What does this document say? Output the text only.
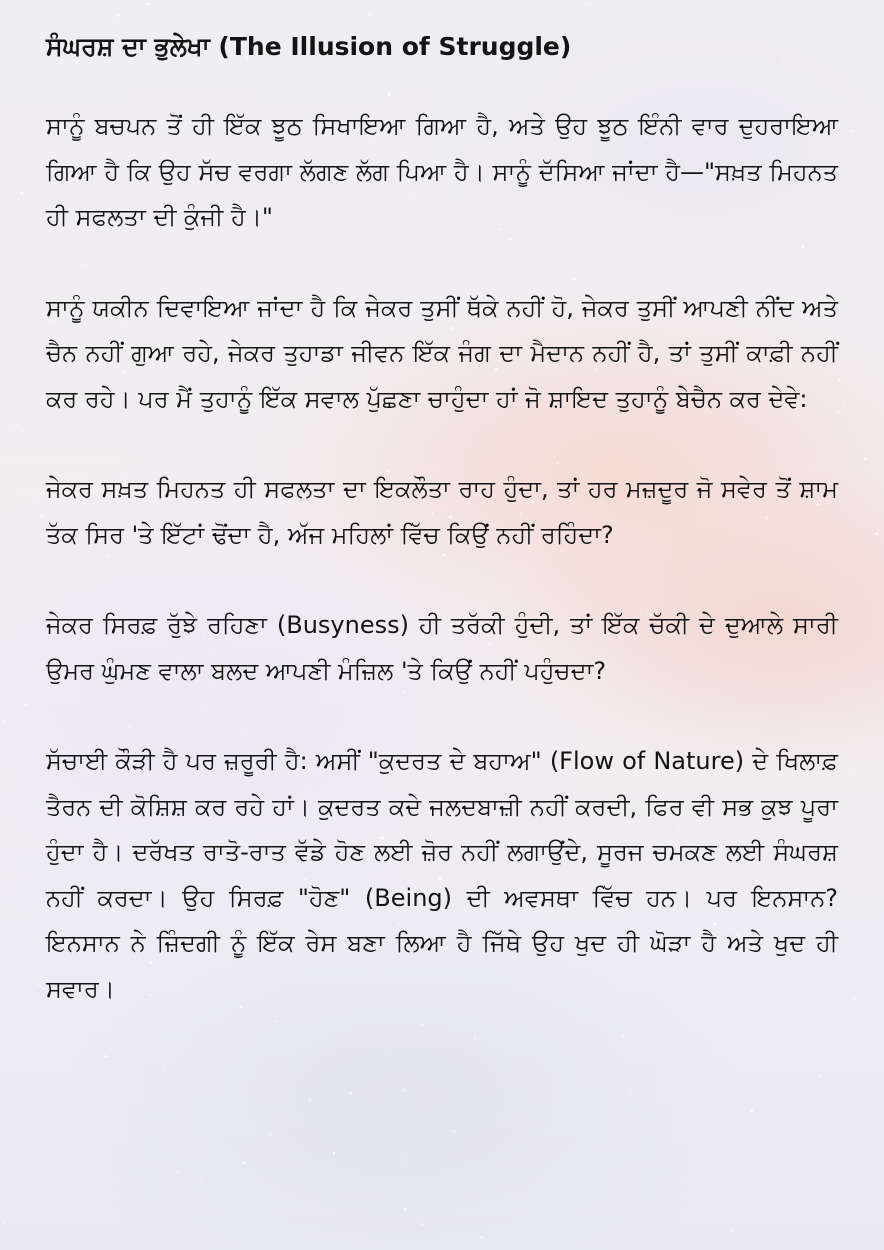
ਸੰਘਰਸ਼ ਦਾ ਭੁਲੇਖਾ (The Illusion of Struggle)

ਸਾਨੂੰ ਬਚਪਨ ਤੋਂ ਹੀ ਇੱਕ ਝੂਠ ਸਿਖਾਇਆ ਗਿਆ ਹੈ, ਅਤੇ ਉਹ ਝੂਠ ਇੰਨੀ ਵਾਰ ਦੁਹਰਾਇਆ ਗਿਆ ਹੈ ਕਿ ਉਹ ਸੱਚ ਵਰਗਾ ਲੱਗਣ ਲੱਗ ਪਿਆ ਹੈ। ਸਾਨੂੰ ਦੱਸਿਆ ਜਾਂਦਾ ਹੈ—"ਸਖ਼ਤ ਮਿਹਨਤ ਹੀ ਸਫਲਤਾ ਦੀ ਕੁੰਜੀ ਹੈ।"

ਸਾਨੂੰ ਯਕੀਨ ਦਿਵਾਇਆ ਜਾਂਦਾ ਹੈ ਕਿ ਜੇਕਰ ਤੁਸੀਂ ਥੱਕੇ ਨਹੀਂ ਹੋ, ਜੇਕਰ ਤੁਸੀਂ ਆਪਣੀ ਨੀਂਦ ਅਤੇ ਚੈਨ ਨਹੀਂ ਗੁਆ ਰਹੇ, ਜੇਕਰ ਤੁਹਾਡਾ ਜੀਵਨ ਇੱਕ ਜੰਗ ਦਾ ਮੈਦਾਨ ਨਹੀਂ ਹੈ, ਤਾਂ ਤੁਸੀਂ ਕਾਫ਼ੀ ਨਹੀਂ ਕਰ ਰਹੇ। ਪਰ ਮੈਂ ਤੁਹਾਨੂੰ ਇੱਕ ਸਵਾਲ ਪੁੱਛਣਾ ਚਾਹੁੰਦਾ ਹਾਂ ਜੋ ਸ਼ਾਇਦ ਤੁਹਾਨੂੰ ਬੇਚੈਨ ਕਰ ਦੇਵੇ:

ਜੇਕਰ ਸਖ਼ਤ ਮਿਹਨਤ ਹੀ ਸਫਲਤਾ ਦਾ ਇਕਲੌਤਾ ਰਾਹ ਹੁੰਦਾ, ਤਾਂ ਹਰ ਮਜ਼ਦੂਰ ਜੋ ਸਵੇਰ ਤੋਂ ਸ਼ਾਮ ਤੱਕ ਸਿਰ 'ਤੇ ਇੱਟਾਂ ਢੋਂਦਾ ਹੈ, ਅੱਜ ਮਹਿਲਾਂ ਵਿੱਚ ਕਿਉਂ ਨਹੀਂ ਰਹਿੰਦਾ?

ਜੇਕਰ ਸਿਰਫ਼ ਰੁੱਝੇ ਰਹਿਣਾ (Busyness) ਹੀ ਤਰੱਕੀ ਹੁੰਦੀ, ਤਾਂ ਇੱਕ ਚੱਕੀ ਦੇ ਦੁਆਲੇ ਸਾਰੀ ਉਮਰ ਘੁੰਮਣ ਵਾਲਾ ਬਲਦ ਆਪਣੀ ਮੰਜ਼ਿਲ 'ਤੇ ਕਿਉਂ ਨਹੀਂ ਪਹੁੰਚਦਾ?

ਸੱਚਾਈ ਕੌੜੀ ਹੈ ਪਰ ਜ਼ਰੂਰੀ ਹੈ: ਅਸੀਂ "ਕੁਦਰਤ ਦੇ ਬਹਾਅ" (Flow of Nature) ਦੇ ਖਿਲਾਫ਼ ਤੈਰਨ ਦੀ ਕੋਸ਼ਿਸ਼ ਕਰ ਰਹੇ ਹਾਂ। ਕੁਦਰਤ ਕਦੇ ਜਲਦਬਾਜ਼ੀ ਨਹੀਂ ਕਰਦੀ, ਫਿਰ ਵੀ ਸਭ ਕੁਝ ਪੂਰਾ ਹੁੰਦਾ ਹੈ। ਦਰੱਖਤ ਰਾਤੋ-ਰਾਤ ਵੱਡੇ ਹੋਣ ਲਈ ਜ਼ੋਰ ਨਹੀਂ ਲਗਾਉਂਦੇ, ਸੂਰਜ ਚਮਕਣ ਲਈ ਸੰਘਰਸ਼ ਨਹੀਂ ਕਰਦਾ। ਉਹ ਸਿਰਫ਼ "ਹੋਣ" (Being) ਦੀ ਅਵਸਥਾ ਵਿੱਚ ਹਨ। ਪਰ ਇਨਸਾਨ? ਇਨਸਾਨ ਨੇ ਜ਼ਿੰਦਗੀ ਨੂੰ ਇੱਕ ਰੇਸ ਬਣਾ ਲਿਆ ਹੈ ਜਿੱਥੇ ਉਹ ਖੁਦ ਹੀ ਘੋੜਾ ਹੈ ਅਤੇ ਖੁਦ ਹੀ ਸਵਾਰ।
